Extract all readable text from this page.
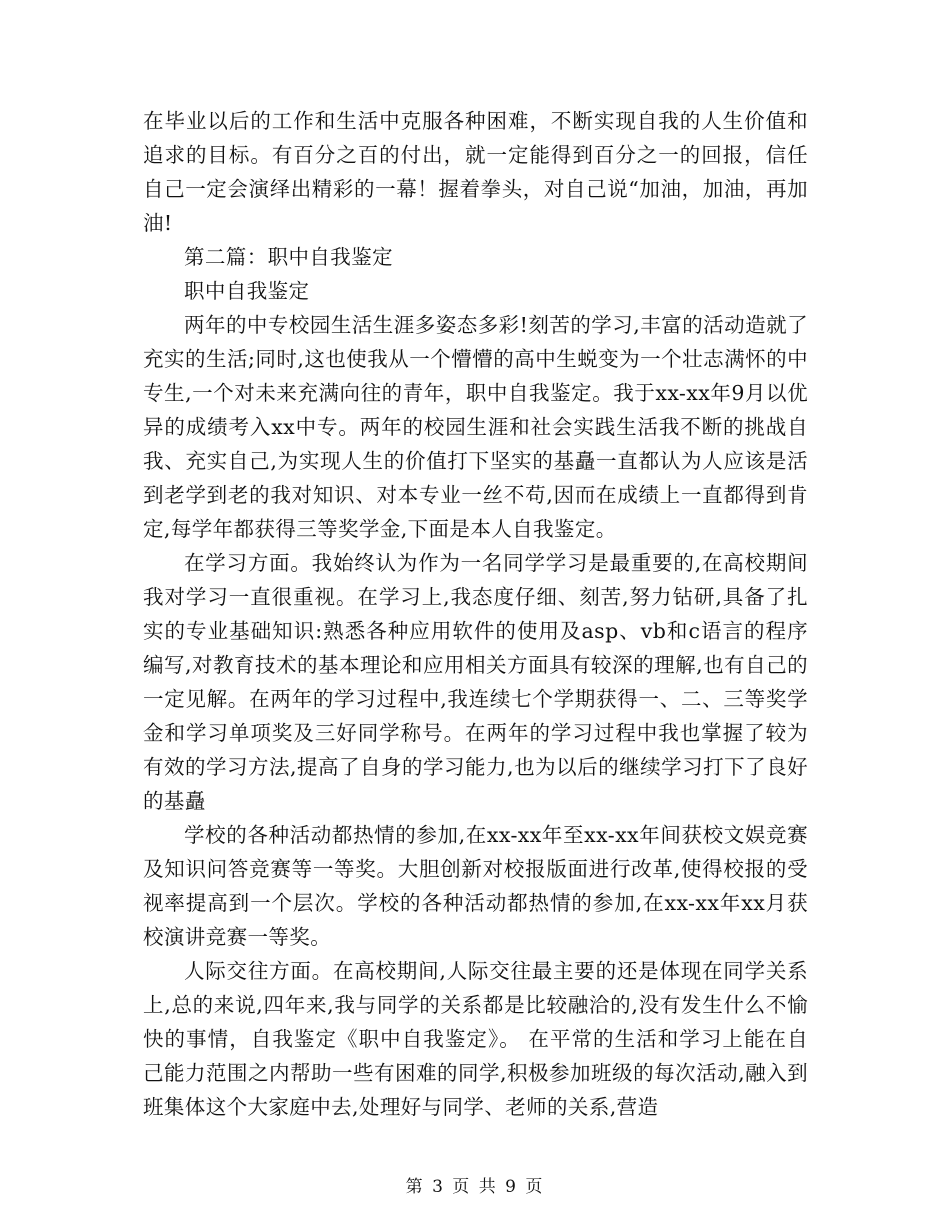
在毕业以后的工作和生活中克服各种困难，不断实现自我的人生价值和追求的目标。有百分之百的付出，就一定能得到百分之一的回报，信任自己一定会演绎出精彩的一幕！握着拳头，对自己说“加油，加油，再加油!

第二篇：职中自我鉴定

职中自我鉴定

两年的中专校园生活生涯多姿态多彩!刻苦的学习,丰富的活动造就了充实的生活;同时,这也使我从一个懵懵的高中生蜕变为一个壮志满怀的中专生,一个对未来充满向往的青年，职中自我鉴定。我于xx-xx年9月以优异的成绩考入xx中专。两年的校园生涯和社会实践生活我不断的挑战自我、充实自己,为实现人生的价值打下坚实的基矗一直都认为人应该是活到老学到老的我对知识、对本专业一丝不苟,因而在成绩上一直都得到肯定,每学年都获得三等奖学金,下面是本人自我鉴定。

在学习方面。我始终认为作为一名同学学习是最重要的,在高校期间我对学习一直很重视。在学习上,我态度仔细、刻苦,努力钻研,具备了扎实的专业基础知识:熟悉各种应用软件的使用及asp、vb和c语言的程序编写,对教育技术的基本理论和应用相关方面具有较深的理解,也有自己的一定见解。在两年的学习过程中,我连续七个学期获得一、二、三等奖学金和学习单项奖及三好同学称号。在两年的学习过程中我也掌握了较为有效的学习方法,提高了自身的学习能力,也为以后的继续学习打下了良好的基矗

学校的各种活动都热情的参加,在xx-xx年至xx-xx年间获校文娱竞赛及知识问答竞赛等一等奖。大胆创新对校报版面进行改革,使得校报的受视率提高到一个层次。学校的各种活动都热情的参加,在xx-xx年xx月获校演讲竞赛一等奖。

人际交往方面。在高校期间,人际交往最主要的还是体现在同学关系上,总的来说,四年来,我与同学的关系都是比较融洽的,没有发生什么不愉快的事情，自我鉴定《职中自我鉴定》。 在平常的生活和学习上能在自己能力范围之内帮助一些有困难的同学,积极参加班级的每次活动,融入到班集体这个大家庭中去,处理好与同学、老师的关系,营造

第 3 页 共 9 页
